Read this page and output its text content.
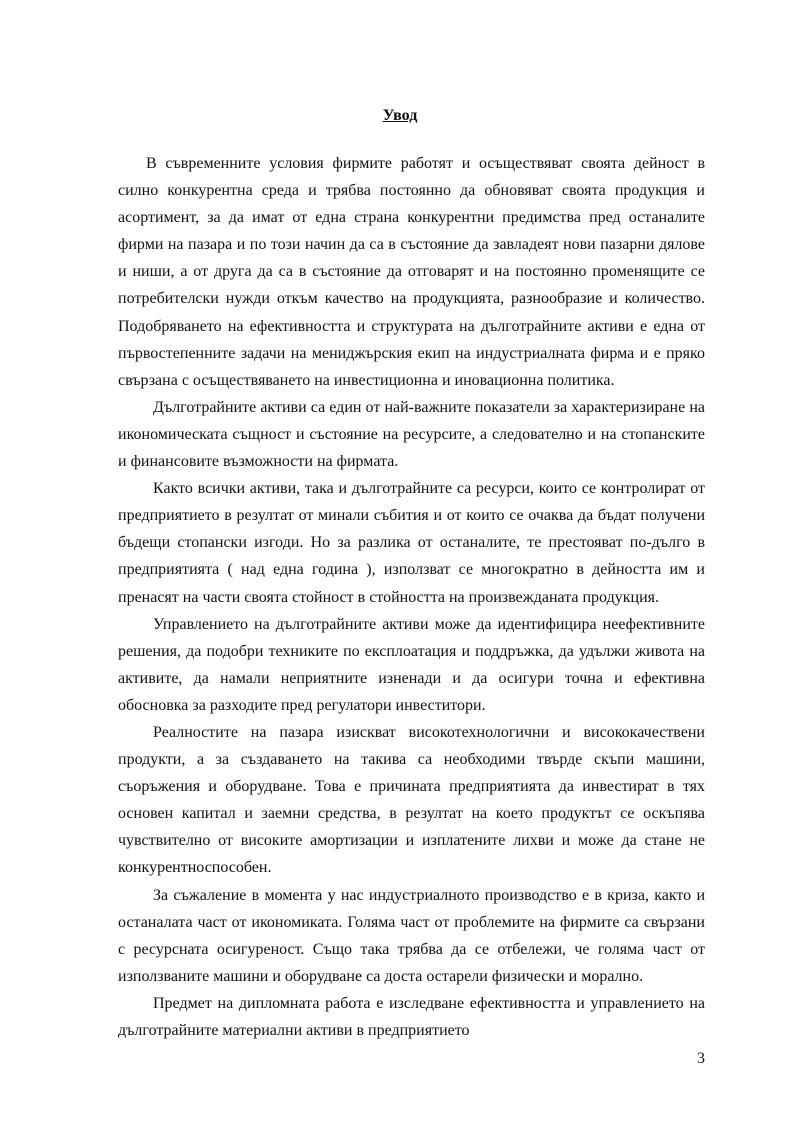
Увод

В съвременните условия фирмите работят и осъществяват своята дейност в силно конкурентна среда и трябва постоянно да обновяват своята продукция и асортимент, за да имат от една страна конкурентни предимства пред останалите фирми на пазара и по този начин да са в състояние да завладеят нови пазарни дялове и ниши, а от друга да са в състояние да отговарят и на постоянно променящите се потребителски нужди откъм качество на продукцията, разнообразие и количество. Подобряването на ефективността и структурата на дълготрайните активи е една от първостепенните задачи на мениджърския екип на индустриалната фирма и е пряко свързана с осъществяването на инвестиционна и иновационна политика.

Дълготрайните активи са един от най-важните показатели за характеризиране на икономическата същност и състояние на ресурсите, а следователно и на стопанските и финансовите възможности на фирмата.

Както всички активи, така и дълготрайните са ресурси, които се контролират от предприятието в резултат от минали събития и от които се очаква да бъдат получени бъдещи стопански изгоди. Но за разлика от останалите, те престояват по-дълго в предприятията ( над една година ), използват се многократно в дейността им и пренасят на части своята стойност в стойността на произвежданата продукция.

Управлението на дълготрайните активи може да идентифицира неефективните решения, да подобри техниките по експлоатация и поддръжка, да удължи живота на активите, да намали неприятните изненади и да осигури точна и ефективна обосновка за разходите пред регулатори инвеститори.

Реалностите на пазара изискват високотехнологични и висококачествени продукти, а за създаването на такива са необходими твърде скъпи машини, съоръжения и оборудване. Това е причината предприятията да инвестират в тях основен капитал и заемни средства, в резултат на което продуктът се оскъпява чувствително от високите амортизации и изплатените лихви и може да стане не конкурентноспособен.

За съжаление в момента у нас индустриалното производство е в криза, както и останалата част от икономиката. Голяма част от проблемите на фирмите са свързани с ресурсната осигуреност. Също така трябва да се отбележи, че голяма част от използваните машини и оборудване са доста остарели физически и морално.

Предмет на дипломната работа е изследване ефективността и управлението на дълготрайните материални активи в предприятието

3
